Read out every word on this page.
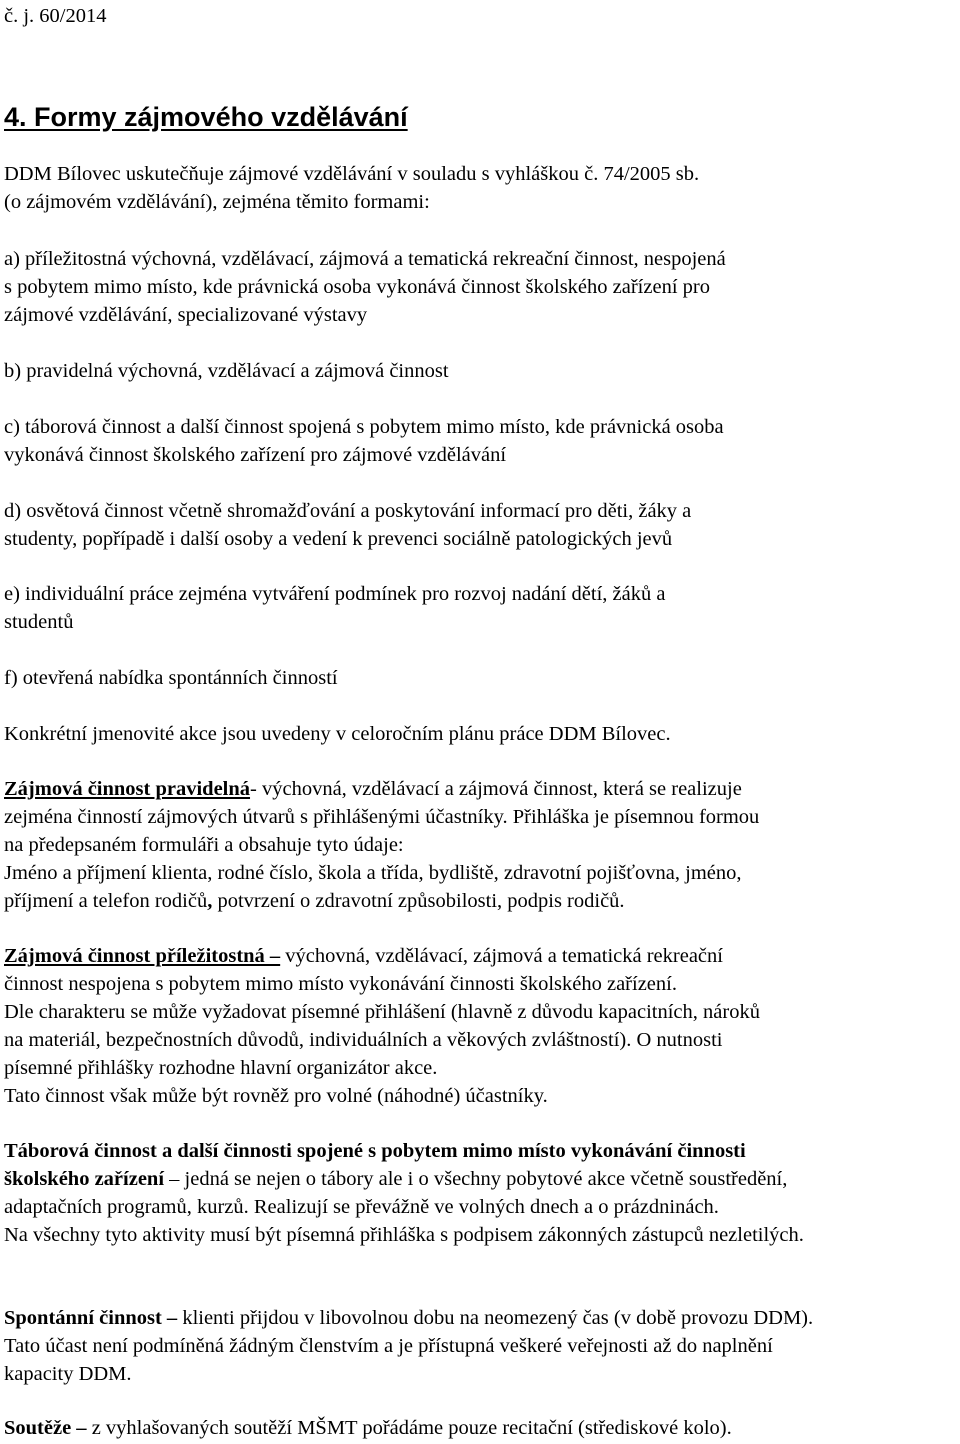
č. j. 60/2014
4. Formy zájmového vzdělávání

DDM Bílovec uskutečňuje zájmové vzdělávání v souladu s vyhláškou č. 74/2005 sb.
(o zájmovém vzdělávání), zejména těmito formami:

a) příležitostná výchovná, vzdělávací, zájmová a tematická rekreační činnost, nespojená
s pobytem mimo místo, kde právnická osoba vykonává činnost školského zařízení pro
zájmové vzdělávání, specializované výstavy

b) pravidelná výchovná, vzdělávací a zájmová činnost

c) táborová činnost a další činnost spojená s pobytem mimo místo, kde právnická osoba
vykonává činnost školského zařízení pro zájmové vzdělávání

d) osvětová činnost včetně shromažďování a poskytování informací pro děti, žáky a
studenty, popřípadě i další osoby a vedení k prevenci sociálně patologických jevů

e) individuální práce zejména vytváření podmínek pro rozvoj nadání dětí, žáků a
studentů

f) otevřená nabídka spontánních činností

Konkrétní jmenovité akce jsou uvedeny v celoročním plánu práce DDM Bílovec.

Zájmová činnost pravidelná- výchovná, vzdělávací a zájmová činnost, která se realizuje
zejména činností zájmových útvarů s přihlášenými účastníky. Přihláška je písemnou formou
na předepsaném formuláři a obsahuje tyto údaje:
Jméno a příjmení klienta, rodné číslo, škola a třída, bydliště, zdravotní pojišťovna, jméno,
příjmení a telefon rodičů, potvrzení o zdravotní způsobilosti, podpis rodičů.

Zájmová činnost příležitostná – výchovná, vzdělávací, zájmová a tematická rekreační
činnost nespojena s pobytem mimo místo vykonávání činnosti školského zařízení.
Dle charakteru se může vyžadovat písemné přihlášení (hlavně z důvodu kapacitních, nároků
na materiál, bezpečnostních důvodů, individuálních a věkových zvláštností). O nutnosti
písemné přihlášky rozhodne hlavní organizátor akce.
Tato činnost však může být rovněž pro volné (náhodné) účastníky.

Táborová činnost a další činnosti spojené s pobytem mimo místo vykonávání činnosti
školského zařízení – jedná se nejen o tábory ale i o všechny pobytové akce včetně soustředění,
adaptačních programů, kurzů. Realizují se převážně ve volných dnech a o prázdninách.
Na všechny tyto aktivity musí být písemná přihláška s podpisem zákonných zástupců nezletilých.

Spontánní činnost – klienti přijdou v libovolnou dobu na neomezený čas (v době provozu DDM).
Tato účast není podmíněná žádným členstvím a je přístupná veškeré veřejnosti až do naplnění
kapacity DDM.

Soutěže – z vyhlašovaných soutěží MŠMT pořádáme pouze recitační (střediskové kolo).
